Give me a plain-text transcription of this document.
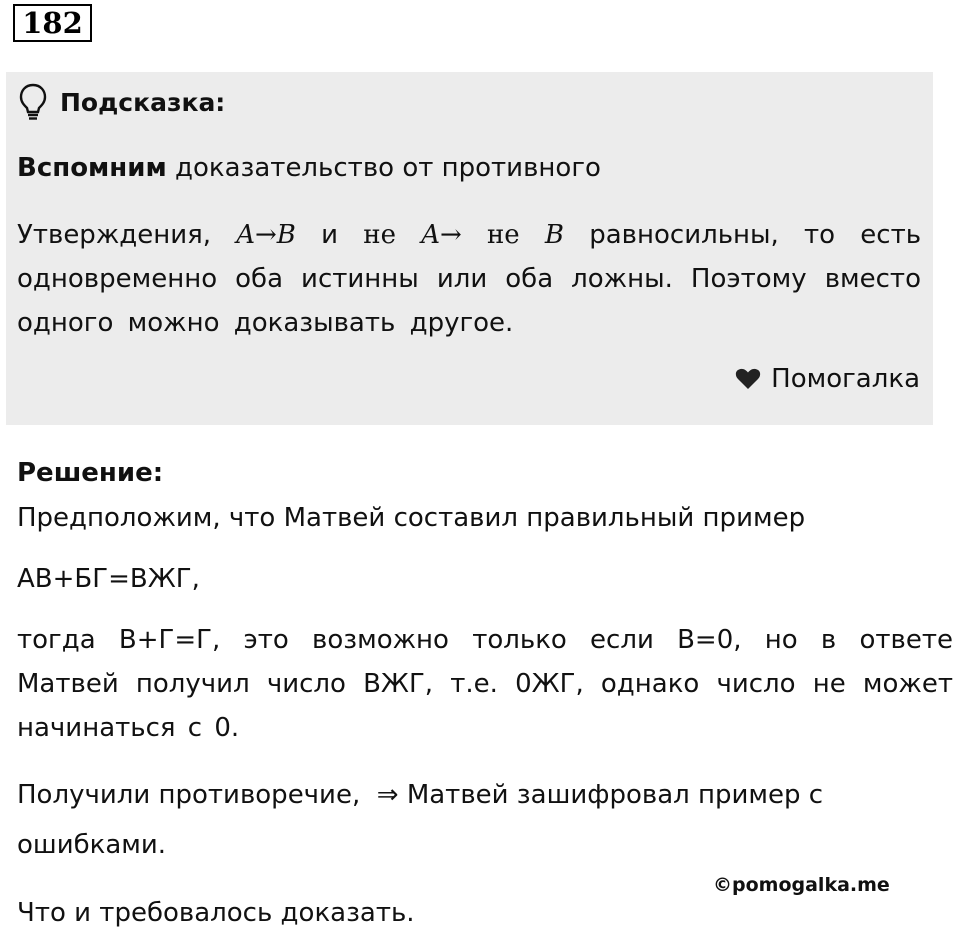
182
Подсказка:

Вспомним доказательство от противного

Утверждения, A→B и не A→ не B равносильны, то есть одновременно оба истинны или оба ложны. Поэтому вместо одного можно доказывать другое.

Помогалка

Решение:

Предположим, что Матвей составил правильный пример

АВ+БГ=ВЖГ,

тогда В+Г=Г, это возможно только если В=0, но в ответе Матвей получил число ВЖГ, т.е. 0ЖГ, однако число не может начинаться с 0.

Получили противоречие, ⇒ Матвей зашифровал пример с ошибками.

Что и требовалось доказать.

©pomogalka.me
